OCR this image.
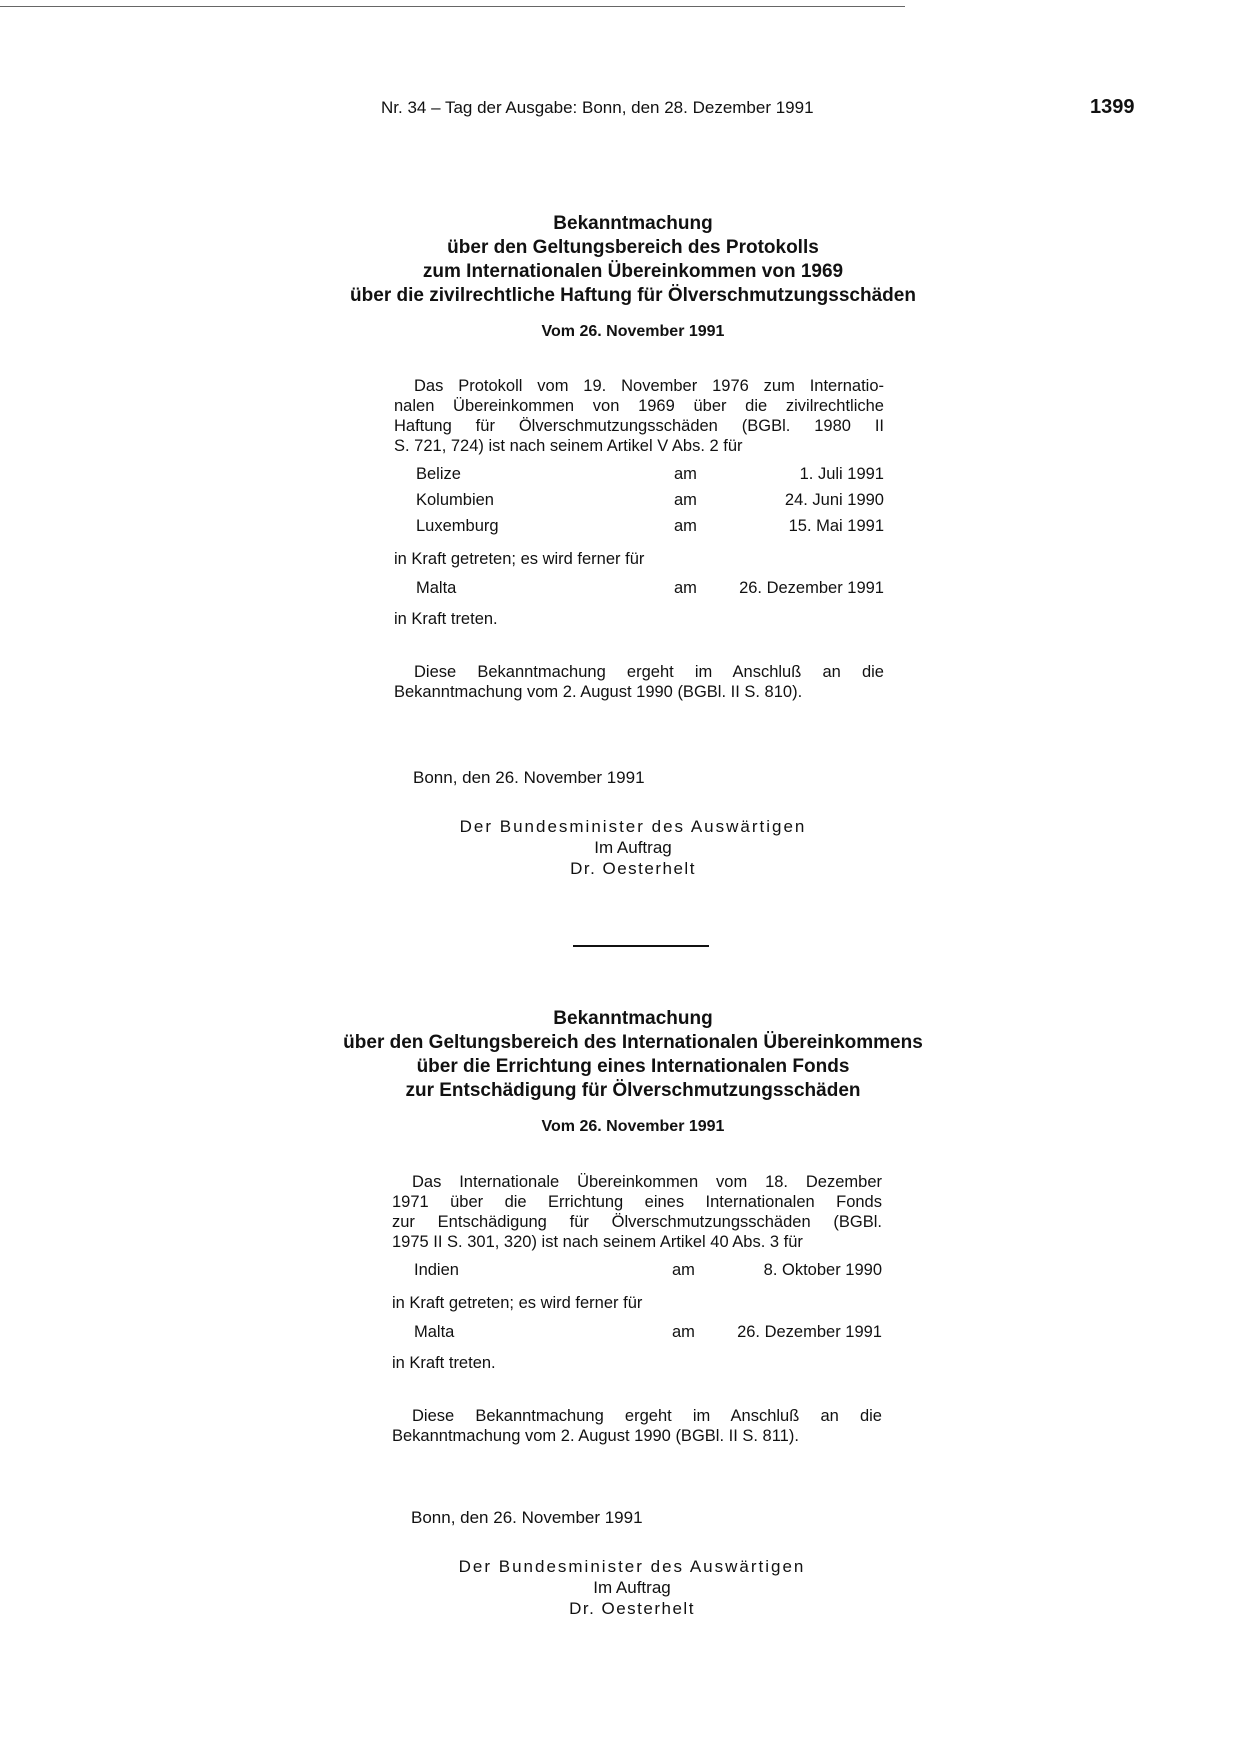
Nr. 34 – Tag der Ausgabe: Bonn, den 28. Dezember 1991	1399
Bekanntmachung
über den Geltungsbereich des Protokolls
zum Internationalen Übereinkommen von 1969
über die zivilrechtliche Haftung für Ölverschmutzungsschäden
Vom 26. November 1991
Das Protokoll vom 19. November 1976 zum Internatio-
nalen Übereinkommen von 1969 über die zivilrechtliche
Haftung für Ölverschmutzungsschäden (BGBl. 1980 II
S. 721, 724) ist nach seinem Artikel V Abs. 2 für
Belize	am	1. Juli 1991
Kolumbien	am	24. Juni 1990
Luxemburg	am	15. Mai 1991
in Kraft getreten; es wird ferner für
Malta	am	26. Dezember 1991
in Kraft treten.
Diese Bekanntmachung ergeht im Anschluß an die
Bekanntmachung vom 2. August 1990 (BGBl. II S. 810).
Bonn, den 26. November 1991
Der Bundesminister des Auswärtigen
Im Auftrag
Dr. Oesterhelt
Bekanntmachung
über den Geltungsbereich des Internationalen Übereinkommens
über die Errichtung eines Internationalen Fonds
zur Entschädigung für Ölverschmutzungsschäden
Vom 26. November 1991
Das Internationale Übereinkommen vom 18. Dezember
1971 über die Errichtung eines Internationalen Fonds
zur Entschädigung für Ölverschmutzungsschäden (BGBl.
1975 II S. 301, 320) ist nach seinem Artikel 40 Abs. 3 für
Indien	am	8. Oktober 1990
in Kraft getreten; es wird ferner für
Malta	am	26. Dezember 1991
in Kraft treten.
Diese Bekanntmachung ergeht im Anschluß an die
Bekanntmachung vom 2. August 1990 (BGBl. II S. 811).
Bonn, den 26. November 1991
Der Bundesminister des Auswärtigen
Im Auftrag
Dr. Oesterhelt
